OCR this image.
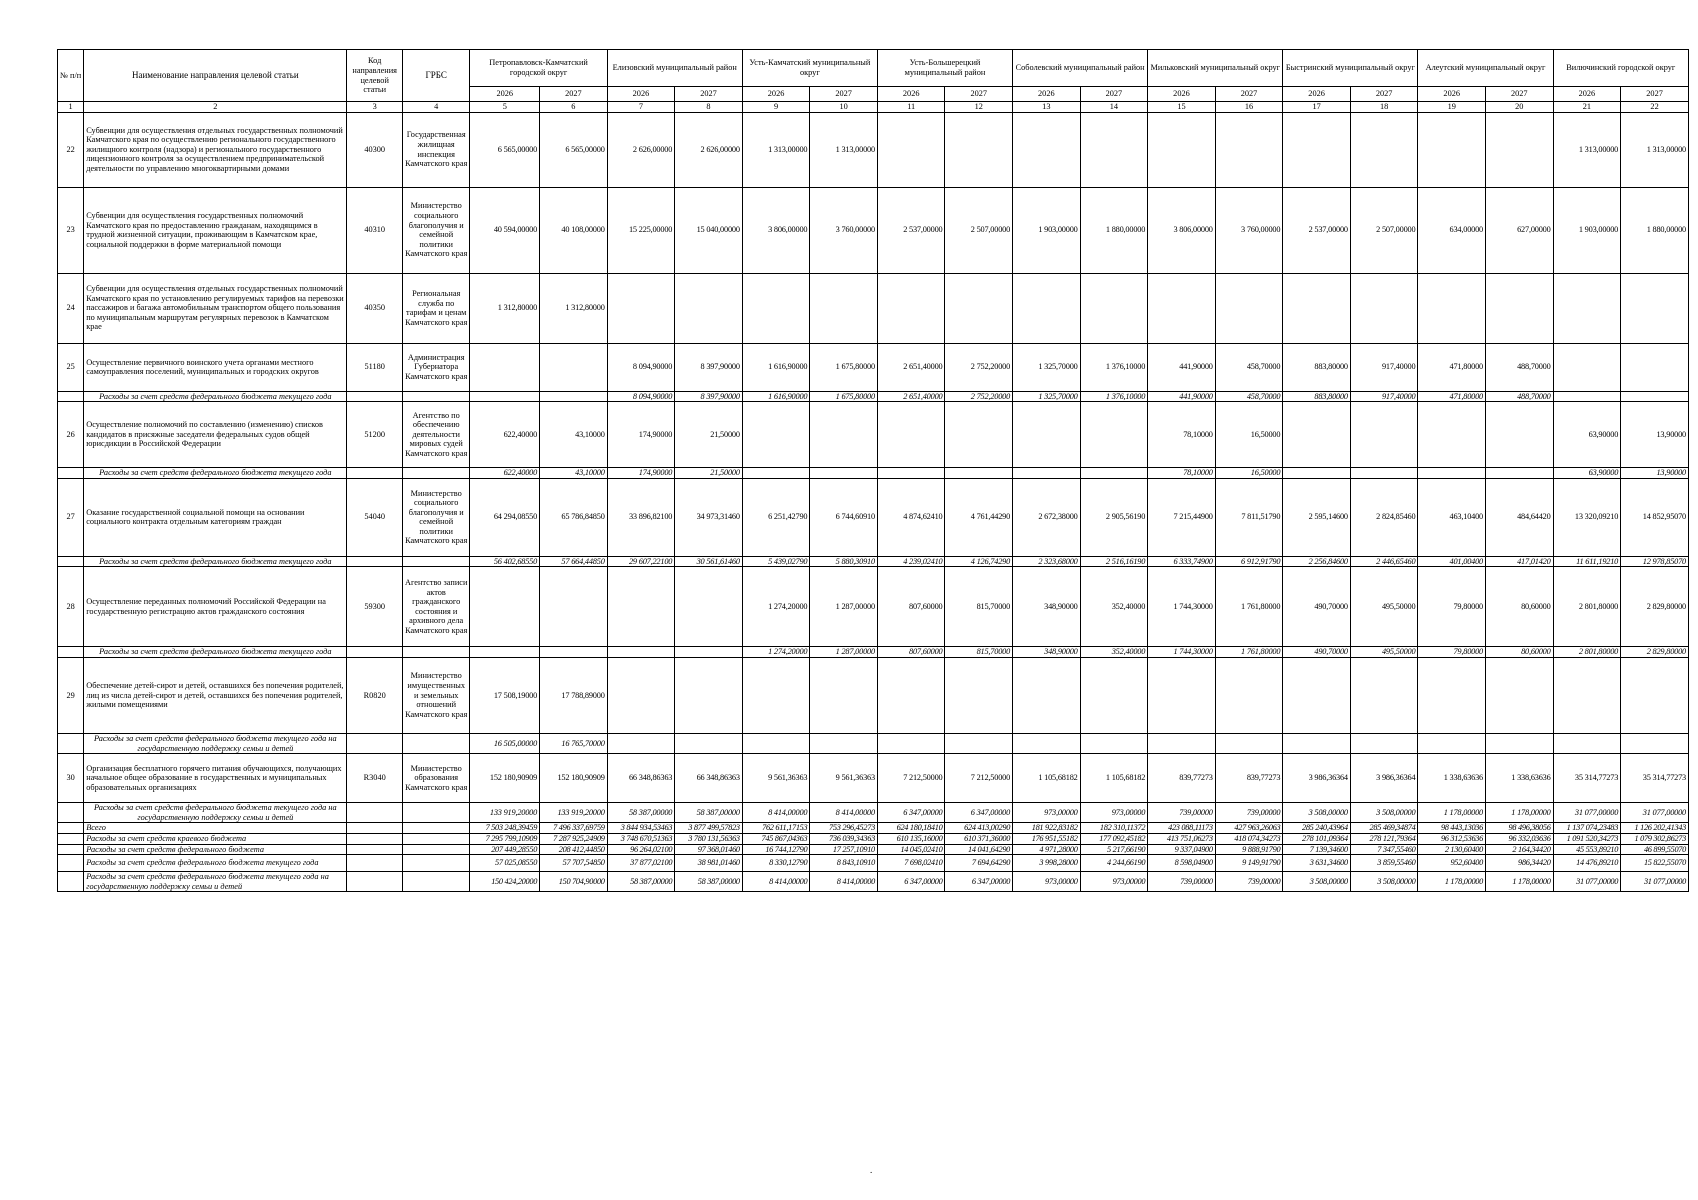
№ п/п	Наименование направления целевой статьи	Код направления целевой статьи	ГРБС	Петропавловск-Камчатский городской округ		Елизовский муниципальный район		Усть-Камчатский муниципальный округ		Усть-Большерецкий муниципальный район		Соболевский муниципальный район		Мильковский муниципальный округ		Быстринский муниципальный округ		Алеутский муниципальный округ		Вилючинский городской округ	
				2026	2027	2026	2027	2026	2027	2026	2027	2026	2027	2026	2027	2026	2027	2026	2027	2026	2027
1	2	3	4	5	6	7	8	9	10	11	12	13	14	15	16	17	18	19	20	21	22
22	Субвенции для осуществления отдельных государственных полномочий Камчатского края по осуществлению регионального государственного жилищного контроля (надзора) и регионального государственного лицензионного контроля за осуществлением предпринимательской деятельности по управлению многоквартирными домами	40300	Государственная жилищная инспекция Камчатского края	6 565,00000	6 565,00000	2 626,00000	2 626,00000	1 313,00000	1 313,00000											1 313,00000	1 313,00000
23	Субвенции для осуществления государственных полномочий Камчатского края по предоставлению гражданам, находящимся в трудной жизненной ситуации, проживающим в Камчатском крае, социальной поддержки в форме материальной помощи	40310	Министерство социального благополучия и семейной политики Камчатского края	40 594,00000	40 108,00000	15 225,00000	15 040,00000	3 806,00000	3 760,00000	2 537,00000	2 507,00000	1 903,00000	1 880,00000	3 806,00000	3 760,00000	2 537,00000	2 507,00000	634,00000	627,00000	1 903,00000	1 880,00000
24	Субвенции для осуществления отдельных государственных полномочий Камчатского края по установлению регулируемых тарифов на перевозки пассажиров и багажа автомобильным транспортом общего пользования по муниципальным маршрутам регулярных перевозок в Камчатском крае	40350	Региональная служба по тарифам и ценам Камчатского края	1 312,80000	1 312,80000																
25	Осуществление первичного воинского учета органами местного самоуправления поселений, муниципальных и городских округов	51180	Администрация Губернатора Камчатского края			8 094,90000	8 397,90000	1 616,90000	1 675,80000	2 651,40000	2 752,20000	1 325,70000	1 376,10000	441,90000	458,70000	883,80000	917,40000	471,80000	488,70000		
	Расходы за счет средств федерального бюджета текущего года					8 094,90000	8 397,90000	1 616,90000	1 675,80000	2 651,40000	2 752,20000	1 325,70000	1 376,10000	441,90000	458,70000	883,80000	917,40000	471,80000	488,70000		
26	Осуществление полномочий по составлению (изменению) списков кандидатов в присяжные заседатели федеральных судов общей юрисдикции в Российской Федерации	51200	Агентство по обеспечению деятельности мировых судей Камчатского края	622,40000	43,10000	174,90000	21,50000							78,10000	16,50000					63,90000	13,90000
	Расходы за счет средств федерального бюджета текущего года			622,40000	43,10000	174,90000	21,50000							78,10000	16,50000					63,90000	13,90000
27	Оказание государственной социальной помощи на основании социального контракта отдельным категориям граждан	54040	Министерство социального благополучия и семейной политики Камчатского края	64 294,08550	65 786,84850	33 896,82100	34 973,31460	6 251,42790	6 744,60910	4 874,62410	4 761,44290	2 672,38000	2 905,56190	7 215,44900	7 811,51790	2 595,14600	2 824,85460	463,10400	484,64420	13 320,09210	14 852,95070
	Расходы за счет средств федерального бюджета текущего года			56 402,68550	57 664,44850	29 607,22100	30 561,61460	5 439,02790	5 880,30910	4 239,02410	4 126,74290	2 323,68000	2 516,16190	6 333,74900	6 912,91790	2 256,84600	2 446,65460	401,00400	417,01420	11 611,19210	12 978,85070
28	Осуществление переданных полномочий Российской Федерации на государственную регистрацию актов гражданского состояния	59300	Агентство записи актов гражданского состояния и архивного дела Камчатского края					1 274,20000	1 287,00000	807,60000	815,70000	348,90000	352,40000	1 744,30000	1 761,80000	490,70000	495,50000	79,80000	80,60000	2 801,80000	2 829,80000
	Расходы за счет средств федерального бюджета текущего года							1 274,20000	1 287,00000	807,60000	815,70000	348,90000	352,40000	1 744,30000	1 761,80000	490,70000	495,50000	79,80000	80,60000	2 801,80000	2 829,80000
29	Обеспечение детей-сирот и детей, оставшихся без попечения родителей, лиц из числа детей-сирот и детей, оставшихся без попечения родителей, жилыми помещениями	R0820	Министерство имущественных и земельных отношений Камчатского края	17 508,19000	17 788,89000																
	Расходы за счет средств федерального бюджета текущего года на государственную поддержку семьи и детей			16 505,00000	16 765,70000																
30	Организация бесплатного горячего питания обучающихся, получающих начальное общее образование в государственных и муниципальных образовательных организациях	R3040	Министерство образования Камчатского края	152 180,90909	152 180,90909	66 348,86363	66 348,86363	9 561,36363	9 561,36363	7 212,50000	7 212,50000	1 105,68182	1 105,68182	839,77273	839,77273	3 986,36364	3 986,36364	1 338,63636	1 338,63636	35 314,77273	35 314,77273
	Расходы за счет средств федерального бюджета текущего года на государственную поддержку семьи и детей			133 919,20000	133 919,20000	58 387,00000	58 387,00000	8 414,00000	8 414,00000	6 347,00000	6 347,00000	973,00000	973,00000	739,00000	739,00000	3 508,00000	3 508,00000	1 178,00000	1 178,00000	31 077,00000	31 077,00000
	Всего			7 503 248,39459	7 496 337,69759	3 844 934,53463	3 877 499,57823	762 611,17153	753 296,45273	624 180,18410	624 413,00290	181 922,83182	182 310,11372	423 088,11173	427 963,26063	285 240,43964	285 469,34874	98 443,13036	98 496,38056	1 137 074,23483	1 126 202,41343
	Расходы за счет средств краевого бюджета			7 295 799,10909	7 287 925,24909	3 748 670,51363	3 780 131,56363	745 867,04363	736 039,34363	610 135,16000	610 371,36000	176 951,55182	177 092,45182	413 751,06273	418 074,34273	278 101,09364	278 121,79364	96 312,53636	96 332,03636	1 091 520,34273	1 079 302,86273
	Расходы за счет средств федерального бюджета			207 449,28550	208 412,44850	96 264,02100	97 368,01460	16 744,12790	17 257,10910	14 045,02410	14 041,64290	4 971,28000	5 217,66190	9 337,04900	9 888,91790	7 139,34600	7 347,55460	2 130,60400	2 164,34420	45 553,89210	46 899,55070
	Расходы за счет средств федерального бюджета текущего года			57 025,08550	57 707,54850	37 877,02100	38 981,01460	8 330,12790	8 843,10910	7 698,02410	7 694,64290	3 998,28000	4 244,66190	8 598,04900	9 149,91790	3 631,34600	3 859,55460	952,60400	986,34420	14 476,89210	15 822,55070
	Расходы за счет средств федерального бюджета текущего года на государственную поддержку семьи и детей			150 424,20000	150 704,90000	58 387,00000	58 387,00000	8 414,00000	8 414,00000	6 347,00000	6 347,00000	973,00000	973,00000	739,00000	739,00000	3 508,00000	3 508,00000	1 178,00000	1 178,00000	31 077,00000	31 077,00000
.
